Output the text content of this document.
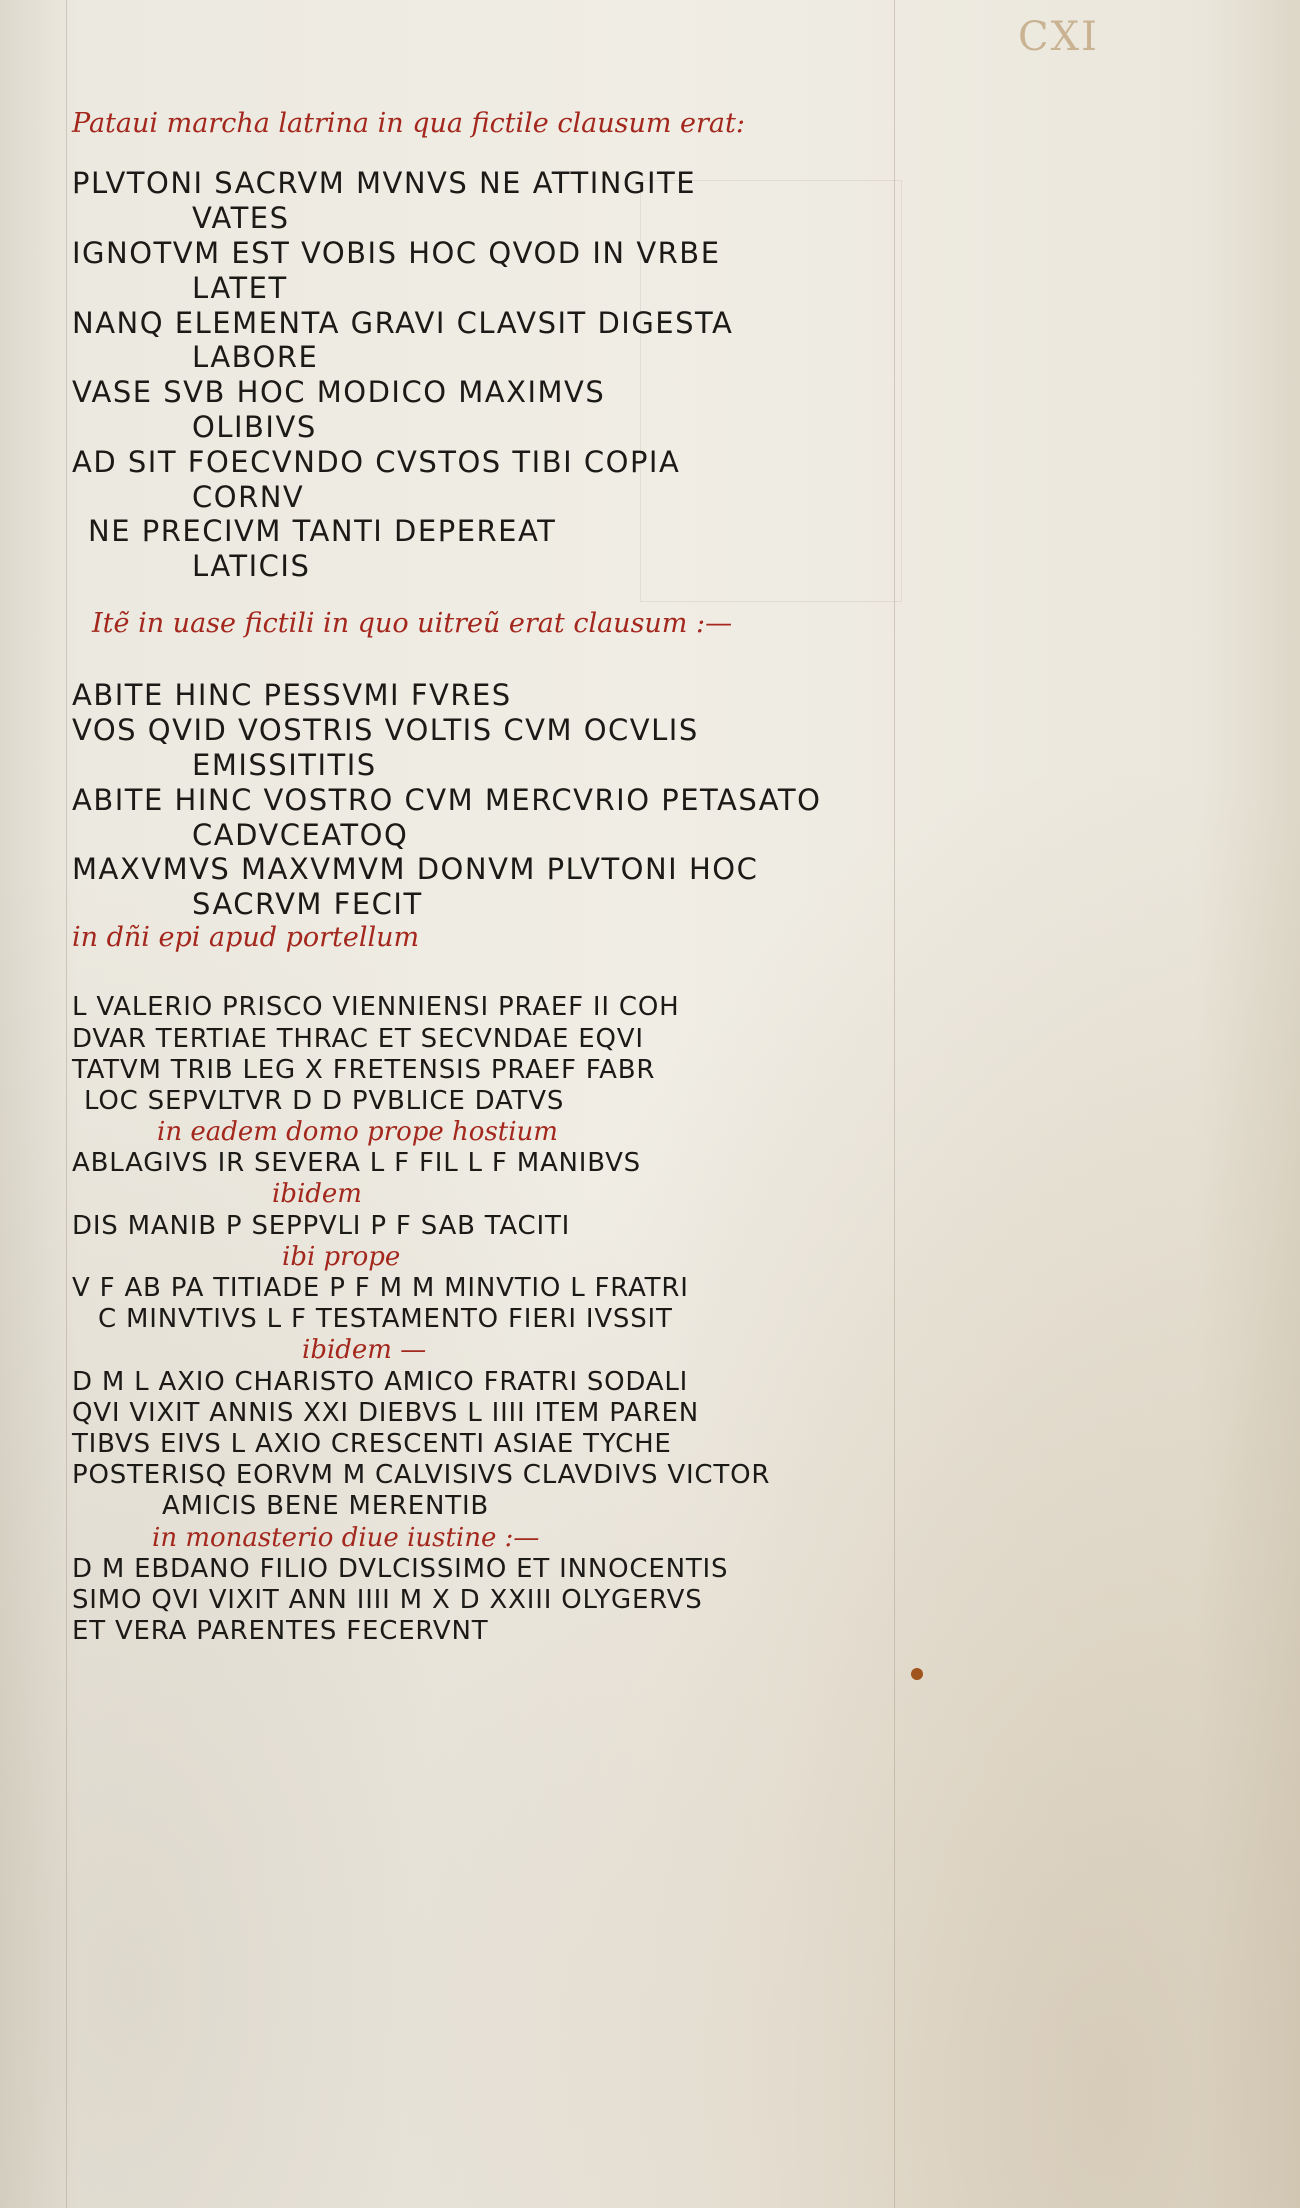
CXI

Pataui marcha latrina in qua fictile clausum erat:

PLVTONI SACRVM MVNVS NE ATTINGITE

VATES

IGNOTVM EST VOBIS HOC QVOD IN VRBE

LATET

NANQ ELEMENTA GRAVI CLAVSIT DIGESTA

LABORE

VASE SVB HOC MODICO MAXIMVS

OLIBIVS

AD SIT FOECVNDO CVSTOS TIBI COPIA

CORNV

NE PRECIVM TANTI DEPEREAT

LATICIS

Itẽ in uase fictili in quo uitreũ erat clausum :—

ABITE HINC PESSVMI FVRES

VOS QVID VOSTRIS VOLTIS CVM OCVLIS

EMISSITITIS

ABITE HINC VOSTRO CVM MERCVRIO PETASATO

CADVCEATOQ

MAXVMVS MAXVMVM DONVM PLVTONI HOC

SACRVM FECIT

in dñi epi apud portellum

L VALERIO PRISCO VIENNIENSI PRAEF II COH

DVAR TERTIAE THRAC ET SECVNDAE EQVI

TATVM TRIB LEG X FRETENSIS PRAEF FABR

LOC SEPVLTVR D D PVBLICE DATVS

in eadem domo prope hostium

ABLAGIVS IR SEVERA L F FIL L F MANIBVS

ibidem

DIS MANIB P SEPPVLI P F SAB TACITI

ibi prope

V F AB PA TITIADE P F M M MINVTIO L FRATRI

C MINVTIVS L F TESTAMENTO FIERI IVSSIT

ibidem —

D M L AXIO CHARISTO AMICO FRATRI SODALI

QVI VIXIT ANNIS XXI DIEBVS L IIII ITEM PAREN

TIBVS EIVS L AXIO CRESCENTI ASIAE TYCHE

POSTERISQ EORVM M CALVISIVS CLAVDIVS VICTOR

AMICIS BENE MERENTIB

in monasterio diue iustine :—

D M EBDANO FILIO DVLCISSIMO ET INNOCENTIS

SIMO QVI VIXIT ANN IIII M X D XXIII OLYGERVS

ET VERA PARENTES FECERVNT
